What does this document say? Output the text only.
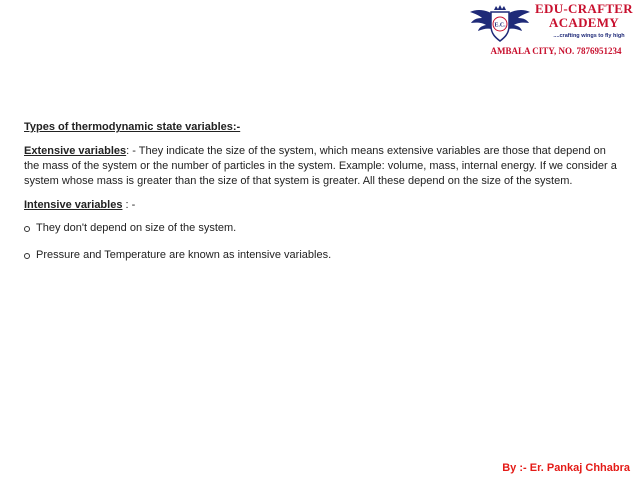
E.C.
EDU-CRAFTER
ACADEMY
....crafting wings to fly high
AMBALA CITY, NO. 7876951234

Types of thermodynamic state variables:-

Extensive variables: - They indicate the size of the system, which means extensive variables are those that depend on the mass of the system or the number of particles in the system. Example: volume, mass, internal energy. If we consider a system whose mass is greater than the size of that system is greater. All these depend on the size of the system.

Intensive variables : -

They don't depend on size of the system.
Pressure and Temperature are known as intensive variables.
By :- Er. Pankaj Chhabra
